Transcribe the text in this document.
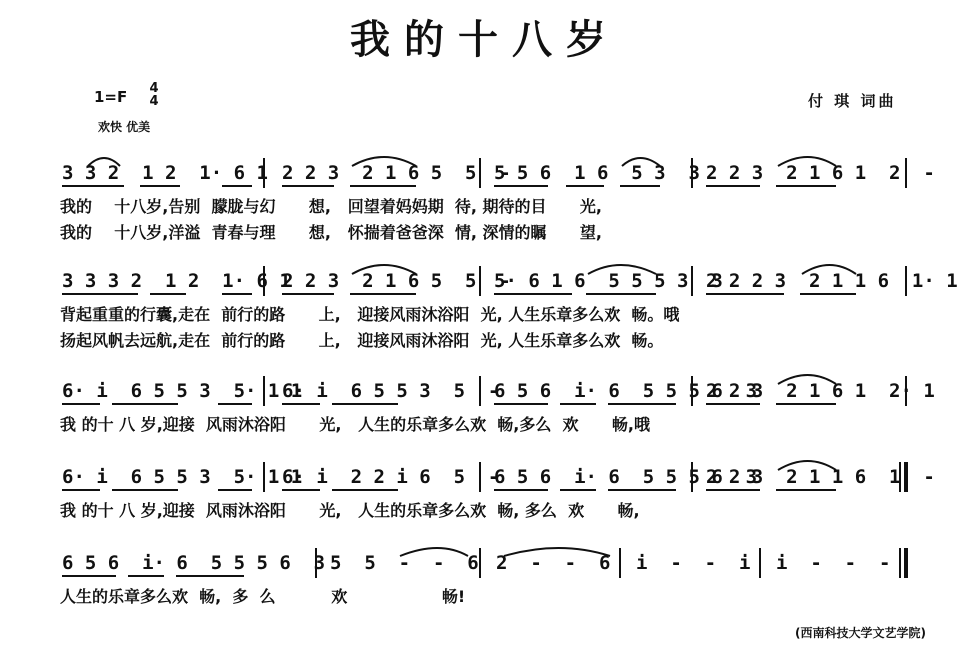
我的十八岁
1=F 4
4
欢快 优美
付 琪 词曲
3 3 2  1 2  1· 6 1 2 2 3  2 1 6 5  5  -
5 5 6  1 6  5 3  3 2 2 3  2 1 6 1  2  -
我的    十八岁,告别  朦胧与幻      想,   回望着妈妈期  待, 期待的目      光,
我的    十八岁,洋溢  青春与理      想,   怀揣着爸爸深  情, 深情的瞩      望,
3 3 3 2  1 2  1· 6 1
2 2 3  2 1 6 5  5  -
5· 6 1 6  5 5 5 3  3
2 2 2 3  2 1 1 6  1· 1
背起重重的行囊,走在  前行的路      上,   迎接风雨沐浴阳  光, 人生乐章多么欢  畅。哦
扬起风帆去远航,走在  前行的路      上,   迎接风雨沐浴阳  光, 人生乐章多么欢  畅。
6· i  6 5 5 3  5· 1 1
6· i  6 5 5 3  5  -
6 5 6  i· 6  5 5 5 6  3
2 2 3  2 1 6 1  2· 1
我 的十 八 岁,迎接  风雨沐浴阳      光,   人生的乐章多么欢  畅,多么  欢      畅,哦
6· i  6 5 5 3  5· 1 1
6· i  2 2 i 6  5  -
6 5 6  i· 6  5 5 5 6  3
2 2 3  2 1 1 6  1  -
我 的十 八 岁,迎接  风雨沐浴阳      光,   人生的乐章多么欢  畅, 多么  欢      畅,
6 5 6  i· 6  5 5 5 6  3 5  5  -  -  6 2  -  -  6 i  -  -  i i  -  -  -
人生的乐章多么欢  畅,  多  么          欢                 畅!
(西南科技大学文艺学院)
